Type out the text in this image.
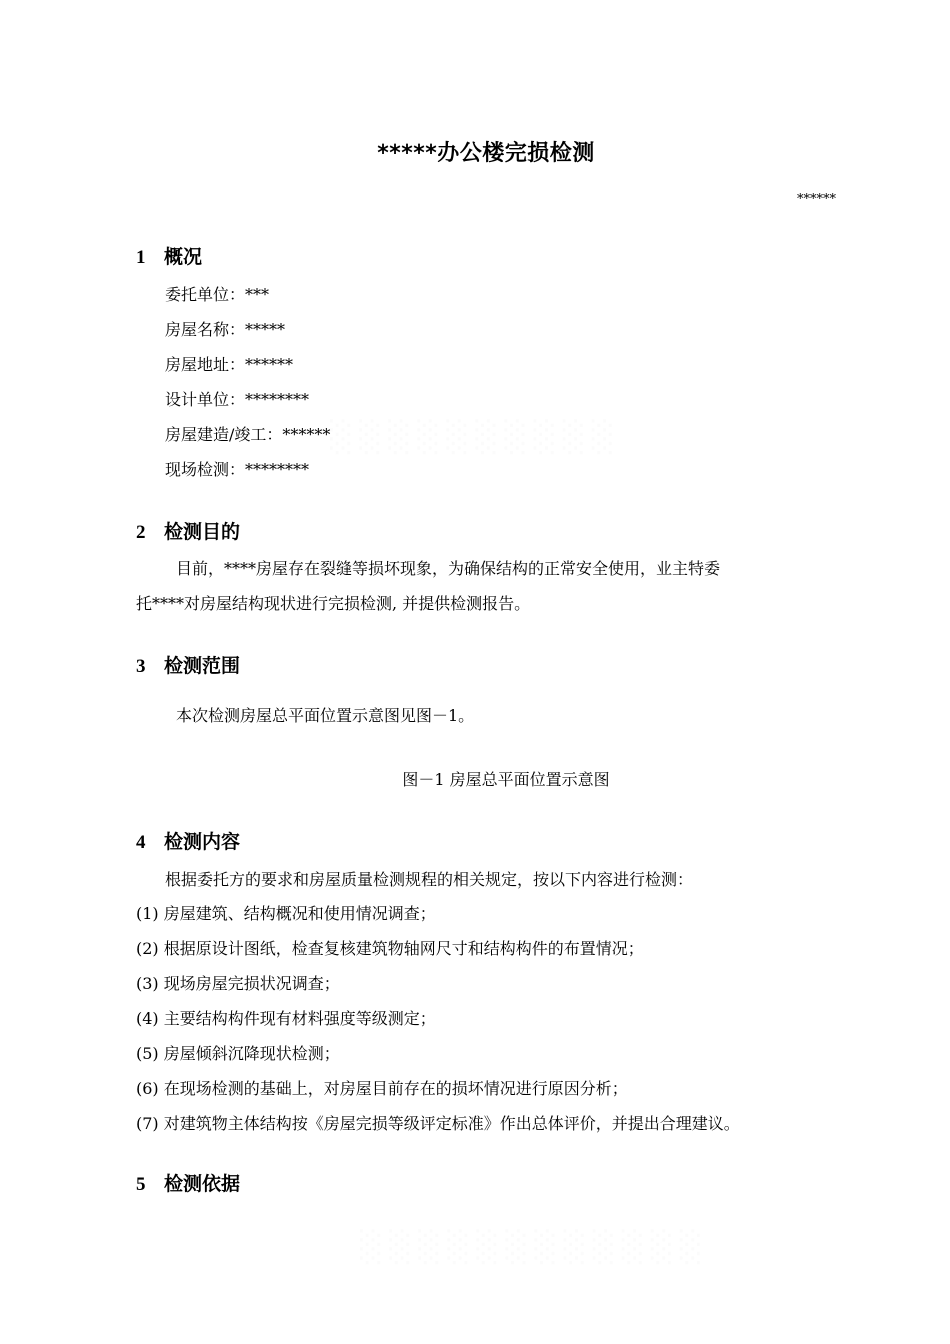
░░░░░░░░░░
*****办公楼完损检测
******
1 概况
委托单位：***
房屋名称：*****
房屋地址：******
设计单位：********
房屋建造/竣工：******
现场检测：********
2 检测目的
目前，****房屋存在裂缝等损坏现象，为确保结构的正常安全使用，业主特委
托****对房屋结构现状进行完损检测, 并提供检测报告。
3 检测范围
本次检测房屋总平面位置示意图见图－1。
图－1 房屋总平面位置示意图
4 检测内容
根据委托方的要求和房屋质量检测规程的相关规定，按以下内容进行检测：
(1) 房屋建筑、结构概况和使用情况调查；
(2) 根据原设计图纸，检查复核建筑物轴网尺寸和结构构件的布置情况；
(3) 现场房屋完损状况调查；
(4) 主要结构构件现有材料强度等级测定；
(5) 房屋倾斜沉降现状检测；
(6) 在现场检测的基础上，对房屋目前存在的损坏情况进行原因分析；
(7) 对建筑物主体结构按《房屋完损等级评定标准》作出总体评价，并提出合理建议。
5 检测依据
░░░░░░░░░░░░
